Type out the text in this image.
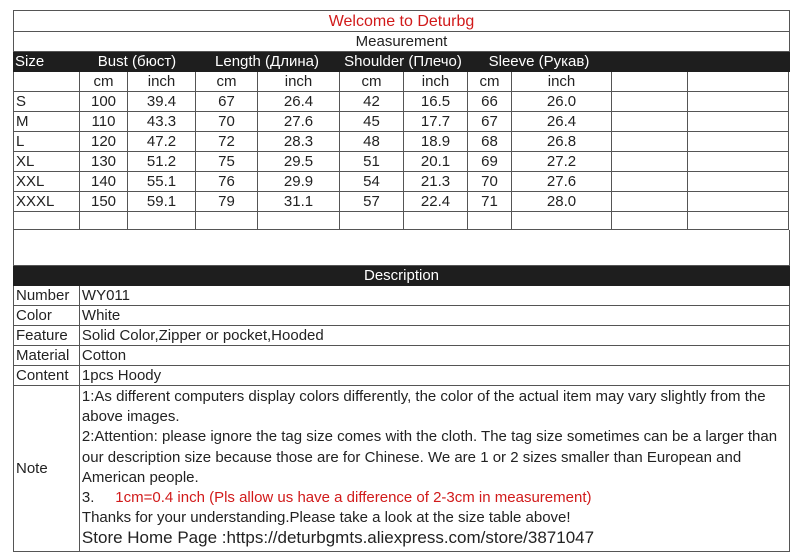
Welcome to Deturbg
Measurement
Size	Bust (бюст)	Length (Длина)	Shoulder (Плечо)	Sleeve (Рукав)
cm	inch	cm	inch	cm	inch	cm	inch
S	100	39.4	67	26.4	42	16.5	66	26.0
M	110	43.3	70	27.6	45	17.7	67	26.4
L	120	47.2	72	28.3	48	18.9	68	26.8
XL	130	51.2	75	29.5	51	20.1	69	27.2
XXL	140	55.1	76	29.9	54	21.3	70	27.6
XXXL	150	59.1	79	31.1	57	22.4	71	28.0
Description
Number WY011
Color	White
Feature Solid Color,Zipper or pocket,Hooded
Material Cotton
Content 1pcs Hoody
Note

1:As different computers display colors differently, the color of the actual item may vary slightly from the above images.

2:Attention: please ignore the tag size comes with the cloth. The tag size sometimes can be a larger than our description size because those are for Chinese. We are 1 or 2 sizes smaller than European and American people.

3. 1cm=0.4 inch (Pls allow us have a difference of 2-3cm in measurement)

Thanks for your understanding.Please take a look at the size table above!

Store Home Page :https://deturbgmts.aliexpress.com/store/3871047
